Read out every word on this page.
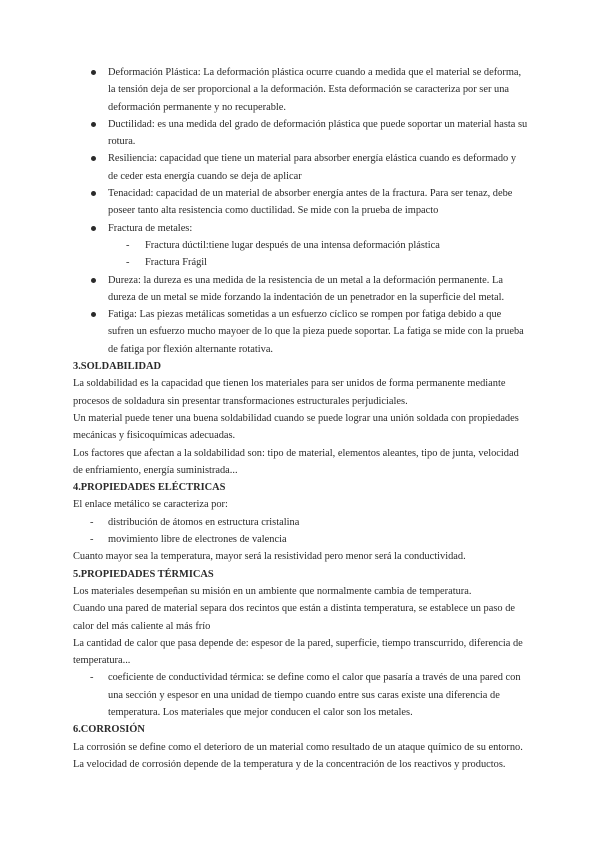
Deformación Plástica: La deformación plástica ocurre cuando a medida que el material se deforma, la tensión deja de ser proporcional a la deformación. Esta deformación se caracteriza por ser una deformación permanente y no recuperable.
Ductilidad: es una medida del grado de deformación plástica que puede soportar un material hasta su rotura.
Resiliencia: capacidad que tiene un material para absorber energía elástica cuando es deformado y de ceder esta energía cuando se deja de aplicar
Tenacidad: capacidad de un material de absorber energía antes de la fractura. Para ser tenaz, debe poseer tanto alta resistencia como ductilidad. Se mide con la prueba de impacto
Fractura de metales:
- Fractura dúctil:tiene lugar después de una intensa deformación plástica
- Fractura Frágil
Dureza: la dureza es una medida de la resistencia de un metal a la deformación permanente. La dureza de un metal se mide forzando la indentación de un penetrador en la superficie del metal.
Fatiga: Las piezas metálicas sometidas a un esfuerzo cíclico se rompen por fatiga debido a que sufren un esfuerzo mucho mayoer de lo que la pieza puede soportar. La fatiga se mide con la prueba de fatiga por flexión alternante rotativa.
3.SOLDABILIDAD
La soldabilidad es la capacidad que tienen los materiales para ser unidos de forma permanente mediante procesos de soldadura sin presentar transformaciones estructurales perjudiciales.
Un material puede tener una buena soldabilidad cuando se puede lograr una unión soldada con propiedades mecánicas y fisicoquímicas adecuadas.
Los factores que afectan a la soldabilidad son: tipo de material, elementos aleantes, tipo de junta, velocidad de enfriamiento, energía suministrada...
4.PROPIEDADES ELÉCTRICAS
El enlace metálico se caracteriza por:
- distribución de átomos en estructura cristalina
- movimiento libre de electrones de valencia
Cuanto mayor sea la temperatura, mayor será la resistividad pero menor será la conductividad.
5.PROPIEDADES TÉRMICAS
Los materiales desempeñan su misión en un ambiente que normalmente cambia de temperatura.
Cuando una pared de material separa dos recintos que están a distinta temperatura, se establece un paso de calor del más caliente al más frío
La cantidad de calor que pasa depende de: espesor de la pared, superficie, tiempo transcurrido, diferencia de temperatura...
- coeficiente de conductividad térmica: se define como el calor que pasaría a través de una pared con una sección y espesor en una unidad de tiempo cuando entre sus caras existe una diferencia de temperatura. Los materiales que mejor conducen el calor son los metales.
6.CORROSIÓN
La corrosión se define como el deterioro de un material como resultado de un ataque químico de su entorno. La velocidad de corrosión depende de la temperatura y de la concentración de los reactivos y productos.
